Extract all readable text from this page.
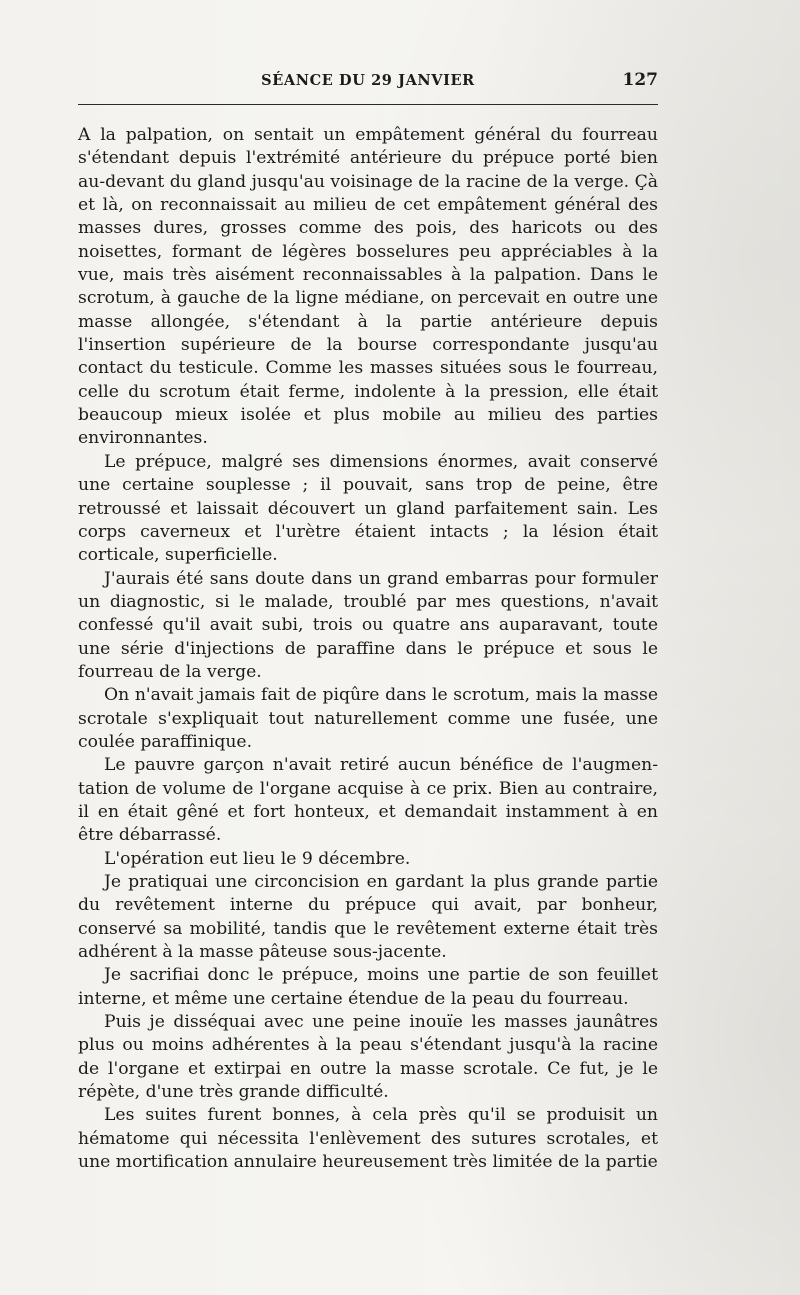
SÉANCE DU 29 JANVIER	127

A la palpation, on sentait un empâtement général du fourreau s'étendant depuis l'extrémité antérieure du prépuce porté bien au-devant du gland jusqu'au voisinage de la racine de la verge. Çà et là, on reconnaissait au milieu de cet empâtement général des masses dures, grosses comme des pois, des haricots ou des noisettes, formant de légères bosselures peu appréciables à la vue, mais très aisément reconnaissables à la palpation. Dans le scrotum, à gauche de la ligne médiane, on percevait en outre une masse allongée, s'étendant à la partie antérieure depuis l'insertion supérieure de la bourse correspondante jusqu'au contact du testicule. Comme les masses situées sous le fourreau, celle du scrotum était ferme, indolente à la pression, elle était beaucoup mieux isolée et plus mobile au milieu des parties environnantes.

Le prépuce, malgré ses dimensions énormes, avait conservé une certaine souplesse ; il pouvait, sans trop de peine, être retroussé et laissait découvert un gland parfaitement sain. Les corps caverneux et l'urètre étaient intacts ; la lésion était corticale, superficielle.

J'aurais été sans doute dans un grand embarras pour formuler un diagnostic, si le malade, troublé par mes questions, n'avait confessé qu'il avait subi, trois ou quatre ans auparavant, toute une série d'injections de paraffine dans le prépuce et sous le fourreau de la verge.

On n'avait jamais fait de piqûre dans le scrotum, mais la masse scrotale s'expliquait tout naturellement comme une fusée, une coulée paraffinique.

Le pauvre garçon n'avait retiré aucun bénéfice de l'augmentation de volume de l'organe acquise à ce prix. Bien au contraire, il en était gêné et fort honteux, et demandait instamment à en être débarrassé.

L'opération eut lieu le 9 décembre.

Je pratiquai une circoncision en gardant la plus grande partie du revêtement interne du prépuce qui avait, par bonheur, conservé sa mobilité, tandis que le revêtement externe était très adhérent à la masse pâteuse sous-jacente.

Je sacrifiai donc le prépuce, moins une partie de son feuillet interne, et même une certaine étendue de la peau du fourreau.

Puis je disséquai avec une peine inouïe les masses jaunâtres plus ou moins adhérentes à la peau s'étendant jusqu'à la racine de l'organe et extirpai en outre la masse scrotale. Ce fut, je le répète, d'une très grande difficulté.

Les suites furent bonnes, à cela près qu'il se produisit un hématome qui nécessita l'enlèvement des sutures scrotales, et une mortification annulaire heureusement très limitée de la partie
